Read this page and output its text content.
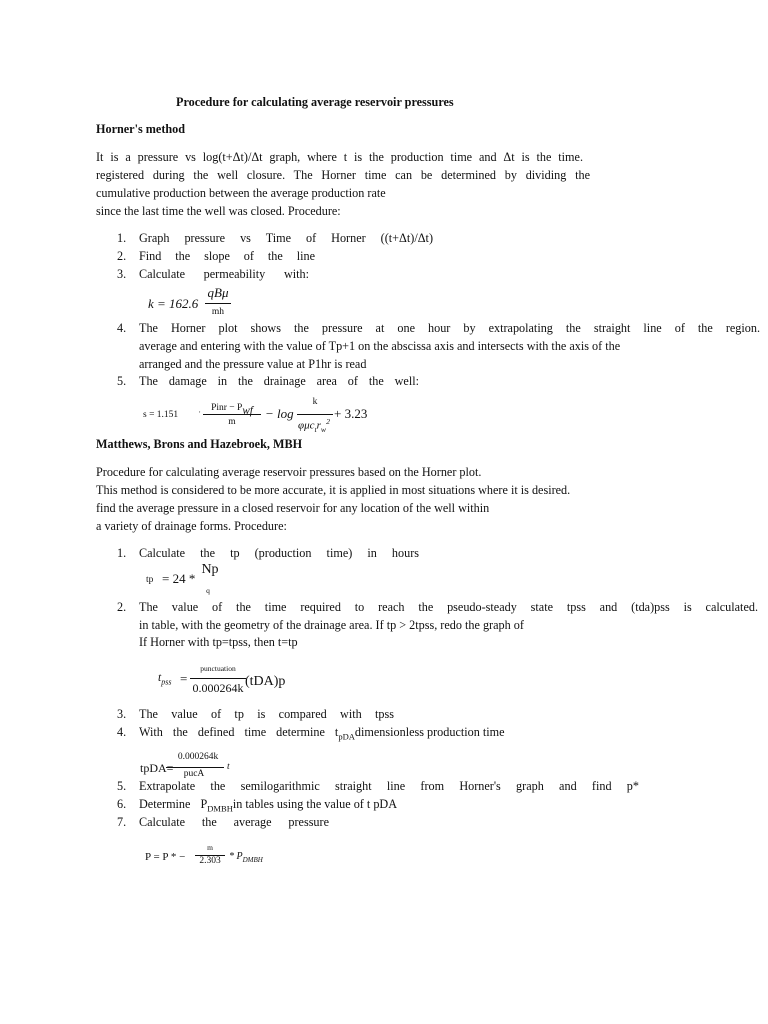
Procedure for calculating average reservoir pressures
Horner's method
It is a pressure vs log(t+Δt)/Δt graph, where t is the production time and Δt is the time.
registered during the well closure. The Horner time can be determined by dividing the
cumulative production between the average production rate
since the last time the well was closed. Procedure:
1. Graph pressure vs Time of Horner ((t+Δt)/Δt)
2. Find the slope of the line
3. Calculate permeability with:
k = 162.6
qBμ
mh
4. The Horner plot shows the pressure at one hour by extrapolating the straight line of the region.
average and entering with the value of Tp+1 on the abscissa axis and intersects with the axis of the
arranged and the pressure value at P1hr is read
5. The damage in the drainage area of the well:
s = 1.151 ·	Pinr − $P_{wf}$
m
− log
k
$\varphi\mu c_tr_w^2$
+ 3.23
Matthews, Brons and Hazebroek, MBH
Procedure for calculating average reservoir pressures based on the Horner plot.
This method is considered to be more accurate, it is applied in most situations where it is desired.
find the average pressure in a closed reservoir for any location of the well within
a variety of drainage forms. Procedure:
1. Calculate the tp (production time) in hours
tp = 24 *
Np
q
2. The value of the time required to reach the pseudo-steady state tpss and (tda)pss is calculated.
in table, with the geometry of the drainage area. If tp > 2tpss, redo the graph of
If Horner with tp=tpss, then t=tp
$t_{pss}$ =
punctuation
0.000264k (tDA)p
3. The value of tp is compared with tpss
4. With the defined time determine $t_{pDA}dimensionless$ production time
tpDA=
0.000264k
pucA
t
5. Extrapolate the semilogarithmic straight line from Horner's graph and find p*
6. Determine $P_{DMBH}in$ tables using the value of t pDA
7. Calculate the average pressure
P = P * −
m
$2.303 * P_{DMBH}$
